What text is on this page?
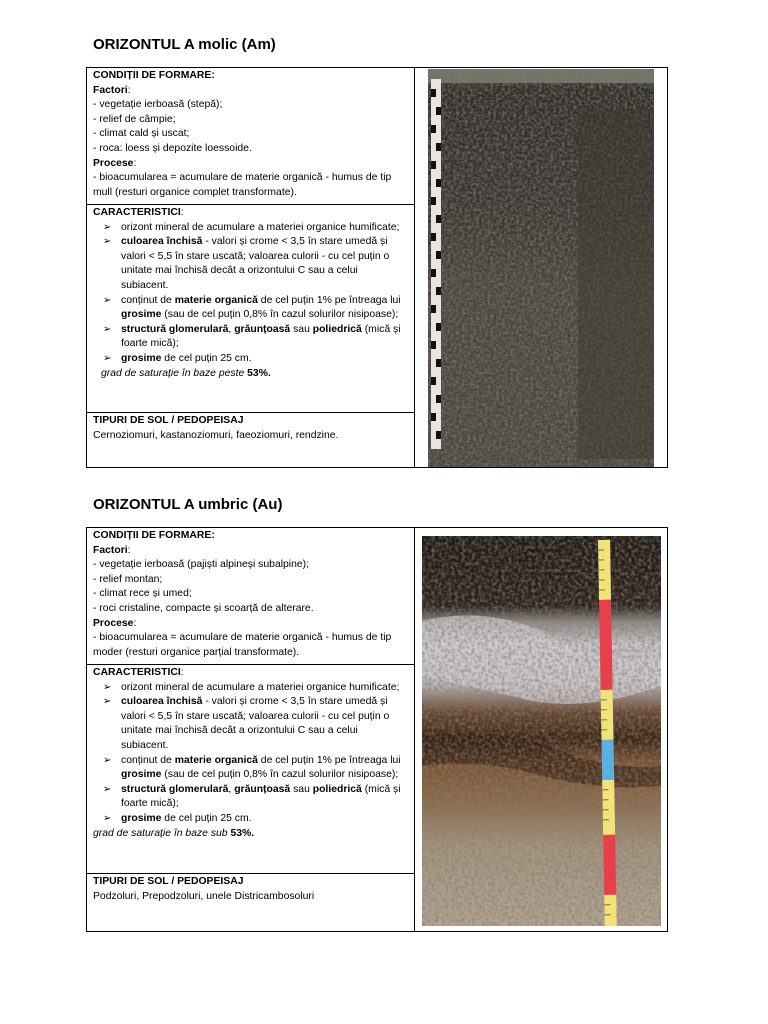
ORIZONTUL A molic (Am)

CONDIȚII DE FORMARE:

Factori:

- vegetație ierboasă (stepă);

- relief de câmpie;

- climat cald și uscat;

- roca: loess și depozite loessoide.

Procese:

- bioacumularea = acumulare de materie organică - humus de tip mull (resturi organice complet transformate).

CARACTERISTICI:

➢ orizont mineral de acumulare a materiei organice humificate;
➢ culoarea închisă - valori și crome < 3,5 în stare umedă și valori < 5,5 în stare uscată; valoarea culorii - cu cel puțin o unitate mai închisă decât a orizontului C sau a celui subiacent.
➢ conținut de materie organică de cel puțin 1% pe întreaga lui grosime (sau de cel puțin 0,8% în cazul solurilor nisipoase);
➢ structură glomerulară, grăunțoasă sau poliedrică (mică și foarte mică);
➢ grosime de cel puțin 25 cm.

grad de saturație în baze peste 53%.

TIPURI DE SOL / PEDOPEISAJ

Cernoziomuri, kastanoziomuri, faeoziomuri, rendzine.

ORIZONTUL A umbric (Au)

CONDIȚII DE FORMARE:

Factori:

- vegetație ierboasă (pajiști alpineși subalpine);

- relief montan;

- climat rece și umed;

- roci cristaline, compacte și scoarță de alterare.

Procese:

- bioacumularea = acumulare de materie organică - humus de tip moder (resturi organice parțial transformate).

CARACTERISTICI:

➢ orizont mineral de acumulare a materiei organice humificate;
➢ culoarea închisă - valori și crome < 3,5 în stare umedă și valori < 5,5 în stare uscată; valoarea culorii - cu cel puțin o unitate mai închisă decât a orizontului C sau a celui subiacent.
➢ conținut de materie organică de cel puțin 1% pe întreaga lui grosime (sau de cel puțin 0,8% în cazul solurilor nisipoase);
➢ structură glomerulară, grăunțoasă sau poliedrică (mică și foarte mică);
➢ grosime de cel puțin 25 cm.

grad de saturație în baze sub 53%.

TIPURI DE SOL / PEDOPEISAJ

Podzoluri, Prepodzoluri, unele Districambosoluri
